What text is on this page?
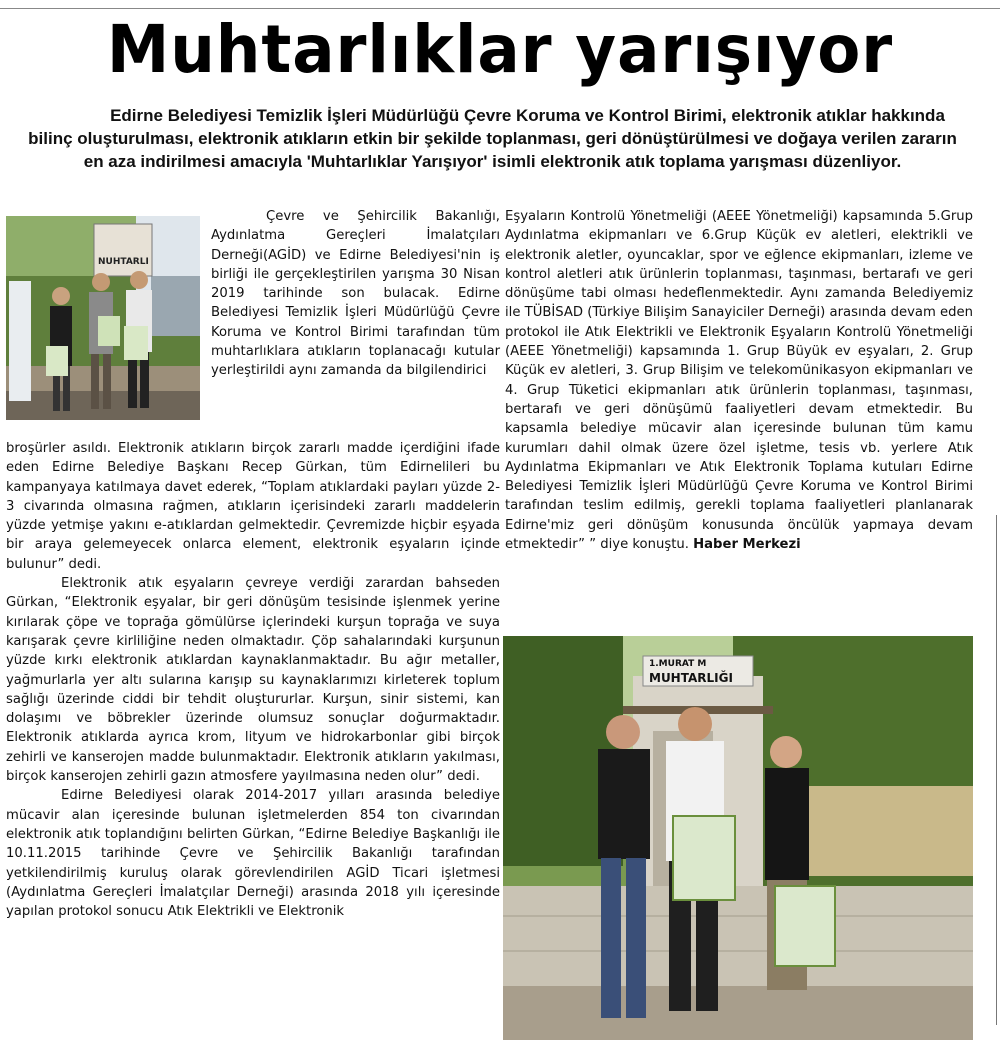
Muhtarlıklar yarışıyor
Edirne Belediyesi Temizlik İşleri Müdürlüğü Çevre Koruma ve Kontrol Birimi, elektronik atıklar hakkında bilinç oluşturulması, elektronik atıkların etkin bir şekilde toplanması, geri dönüştürülmesi ve doğaya verilen zararın en aza indirilmesi amacıyla 'Muhtarlıklar Yarışıyor' isimli elektronik atık toplama yarışması düzenliyor.
NUHTARLI

Çevre ve Şehircilik Bakanlığı, Aydınlatma Gereçleri İmalatçıları Derneği(AGİD) ve Edirne Belediyesi'nin iş birliği ile gerçekleştirilen yarışma 30 Nisan 2019 tarihinde son bulacak. Edirne Belediyesi Temizlik İşleri Müdürlüğü Çevre Koruma ve Kontrol Birimi tarafından tüm muhtarlıklara atıkların toplanacağı kutular yerleştirildi aynı zamanda da bilgilendirici

broşürler asıldı. Elektronik atıkların birçok zararlı madde içerdiğini ifade eden Edirne Belediye Başkanı Recep Gürkan, tüm Edirnelileri bu kampanyaya katılmaya davet ederek, “Toplam atıklardaki payları yüzde 2-3 civarında olmasına rağmen, atıkların içerisindeki zararlı maddelerin yüzde yetmişe yakını e-atıklardan gelmektedir. Çevremizde hiçbir eşyada bir araya gelemeyecek onlarca element, elektronik eşyaların içinde bulunur” dedi.

Elektronik atık eşyaların çevreye verdiği zarardan bahseden Gürkan, “Elektronik eşyalar, bir geri dönüşüm tesisinde işlenmek yerine kırılarak çöpe ve toprağa gömülürse içlerindeki kurşun toprağa ve suya karışarak çevre kirliliğine neden olmaktadır. Çöp sahalarındaki kurşunun yüzde kırkı elektronik atıklardan kaynaklanmaktadır. Bu ağır metaller, yağmurlarla yer altı sularına karışıp su kaynaklarımızı kirleterek toplum sağlığı üzerinde ciddi bir tehdit oluştururlar. Kurşun, sinir sistemi, kan dolaşımı ve böbrekler üzerinde olumsuz sonuçlar doğurmaktadır. Elektronik atıklarda ayrıca krom, lityum ve hidrokarbonlar gibi birçok zehirli ve kanserojen madde bulunmaktadır. Elektronik atıkların yakılması, birçok kanserojen zehirli gazın atmosfere yayılmasına neden olur” dedi.

Edirne Belediyesi olarak 2014-2017 yılları arasında belediye mücavir alan içeresinde bulunan işletmelerden 854 ton civarından elektronik atık toplandığını belirten Gürkan, “Edirne Belediye Başkanlığı ile 10.11.2015 tarihinde Çevre ve Şehircilik Bakanlığı tarafından yetkilendirilmiş kuruluş olarak görevlendirilen AGİD Ticari işletmesi (Aydınlatma Gereçleri İmalatçılar Derneği) arasında 2018 yılı içeresinde yapılan protokol sonucu Atık Elektrikli ve Elektronik

Eşyaların Kontrolü Yönetmeliği (AEEE Yönetmeliği) kapsamında 5.Grup Aydınlatma ekipmanları ve 6.Grup Küçük ev aletleri, elektrikli ve elektronik aletler, oyuncaklar, spor ve eğlence ekipmanları, izleme ve kontrol aletleri atık ürünlerin toplanması, taşınması, bertarafı ve geri dönüşüme tabi olması hedeflenmektedir. Aynı zamanda Belediyemiz ile TÜBİSAD (Türkiye Bilişim Sanayiciler Derneği) arasında devam eden protokol ile Atık Elektrikli ve Elektronik Eşyaların Kontrolü Yönetmeliği (AEEE Yönetmeliği) kapsamında 1. Grup Büyük ev eşyaları, 2. Grup Küçük ev aletleri, 3. Grup Bilişim ve telekomünikasyon ekipmanları ve 4. Grup Tüketici ekipmanları atık ürünlerin toplanması, taşınması, bertarafı ve geri dönüşümü faaliyetleri devam etmektedir. Bu kapsamla belediye mücavir alan içeresinde bulunan tüm kamu kurumları dahil olmak üzere özel işletme, tesis vb. yerlere Atık Aydınlatma Ekipmanları ve Atık Elektronik Toplama kutuları Edirne Belediyesi Temizlik İşleri Müdürlüğü Çevre Koruma ve Kontrol Birimi tarafından teslim edilmiş, gerekli toplama faaliyetleri planlanarak Edirne'miz geri dönüşüm konusunda öncülük yapmaya devam etmektedir” ” diye konuştu. Haber Merkezi

1.MURAT M
MUHTARLIĞI
